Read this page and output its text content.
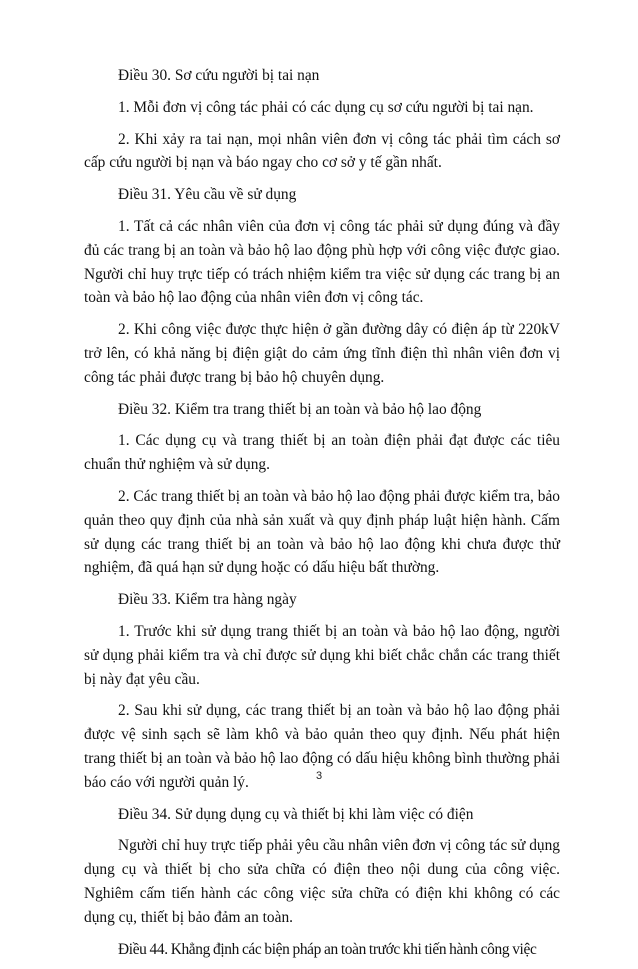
Điều 30. Sơ cứu người bị tai nạn

1. Mỗi đơn vị công tác phải có các dụng cụ sơ cứu người bị tai nạn.

2. Khi xảy ra tai nạn, mọi nhân viên đơn vị công tác phải tìm cách sơ cấp cứu người bị nạn và báo ngay cho cơ sở y tế gần nhất.

Điều 31. Yêu cầu về sử dụng

1. Tất cả các nhân viên của đơn vị công tác phải sử dụng đúng và đầy đủ các trang bị an toàn và bảo hộ lao động phù hợp với công việc được giao. Người chỉ huy trực tiếp có trách nhiệm kiểm tra việc sử dụng các trang bị an toàn và bảo hộ lao động của nhân viên đơn vị công tác.

2. Khi công việc được thực hiện ở gần đường dây có điện áp từ 220kV trở lên, có khả năng bị điện giật do cảm ứng tĩnh điện thì nhân viên đơn vị công tác phải được trang bị bảo hộ chuyên dụng.

Điều 32. Kiểm tra trang thiết bị an toàn và bảo hộ lao động

1. Các dụng cụ và trang thiết bị an toàn điện phải đạt được các tiêu chuẩn thử nghiệm và sử dụng.

2. Các trang thiết bị an toàn và bảo hộ lao động phải được kiểm tra, bảo quản theo quy định của nhà sản xuất và quy định pháp luật hiện hành. Cấm sử dụng các trang thiết bị an toàn và bảo hộ lao động khi chưa được thử nghiệm, đã quá hạn sử dụng hoặc có dấu hiệu bất thường.

Điều 33. Kiểm tra hàng ngày

1. Trước khi sử dụng trang thiết bị an toàn và bảo hộ lao động, người sử dụng phải kiểm tra và chỉ được sử dụng khi biết chắc chắn các trang thiết bị này đạt yêu cầu.

2. Sau khi sử dụng, các trang thiết bị an toàn và bảo hộ lao động phải được vệ sinh sạch sẽ làm khô và bảo quản theo quy định. Nếu phát hiện trang thiết bị an toàn và bảo hộ lao động có dấu hiệu không bình thường phải báo cáo với người quản lý.

Điều 34. Sử dụng dụng cụ và thiết bị khi làm việc có điện

Người chỉ huy trực tiếp phải yêu cầu nhân viên đơn vị công tác sử dụng dụng cụ và thiết bị cho sửa chữa có điện theo nội dung của công việc. Nghiêm cấm tiến hành các công việc sửa chữa có điện khi không có các dụng cụ, thiết bị bảo đảm an toàn.

Điều 44. Khẳng định các biện pháp an toàn trước khi tiến hành công việc

3
